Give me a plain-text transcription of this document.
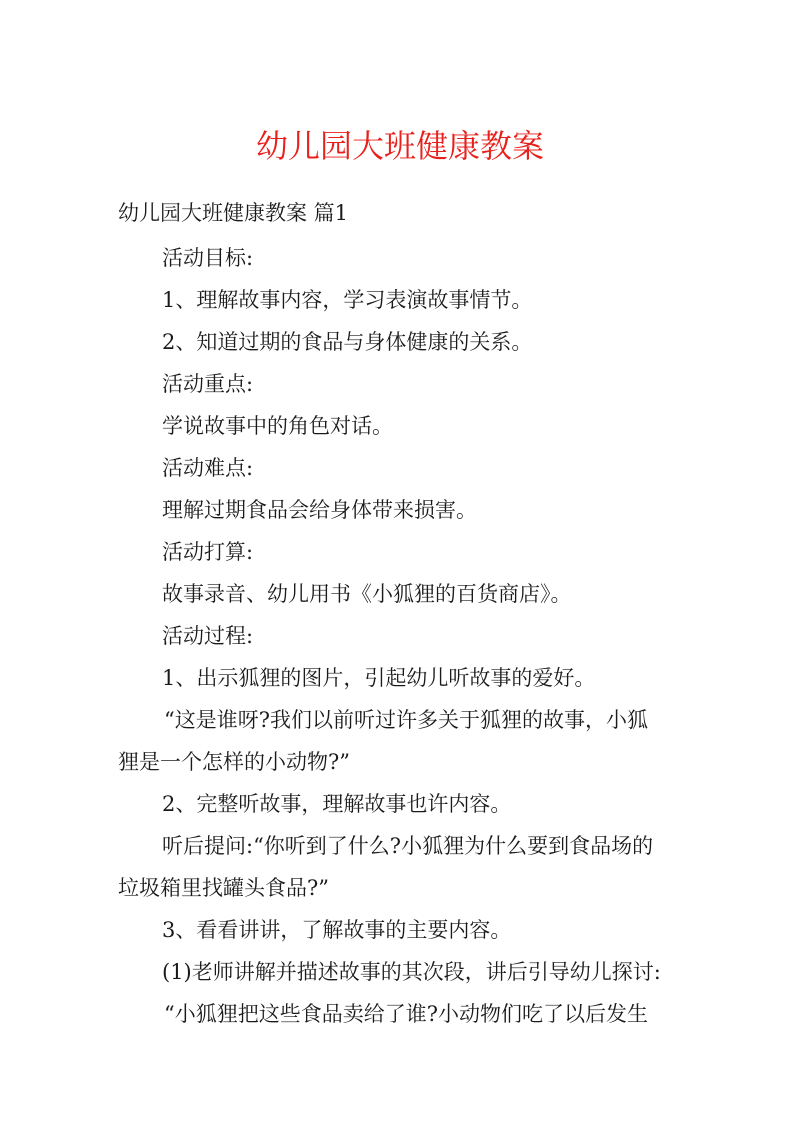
幼儿园大班健康教案

幼儿园大班健康教案 篇1

活动目标:

1、理解故事内容，学习表演故事情节。

2、知道过期的食品与身体健康的关系。

活动重点:

学说故事中的角色对话。

活动难点:

理解过期食品会给身体带来损害。

活动打算:

故事录音、幼儿用书《小狐狸的百货商店》。

活动过程:

1、出示狐狸的图片，引起幼儿听故事的爱好。

“这是谁呀?我们以前听过许多关于狐狸的故事，小狐

狸是一个怎样的小动物?”

2、完整听故事，理解故事也许内容。

听后提问:“你听到了什么?小狐狸为什么要到食品场的

垃圾箱里找罐头食品?”

3、看看讲讲，了解故事的主要内容。

(1)老师讲解并描述故事的其次段，讲后引导幼儿探讨:

“小狐狸把这些食品卖给了谁?小动物们吃了以后发生
